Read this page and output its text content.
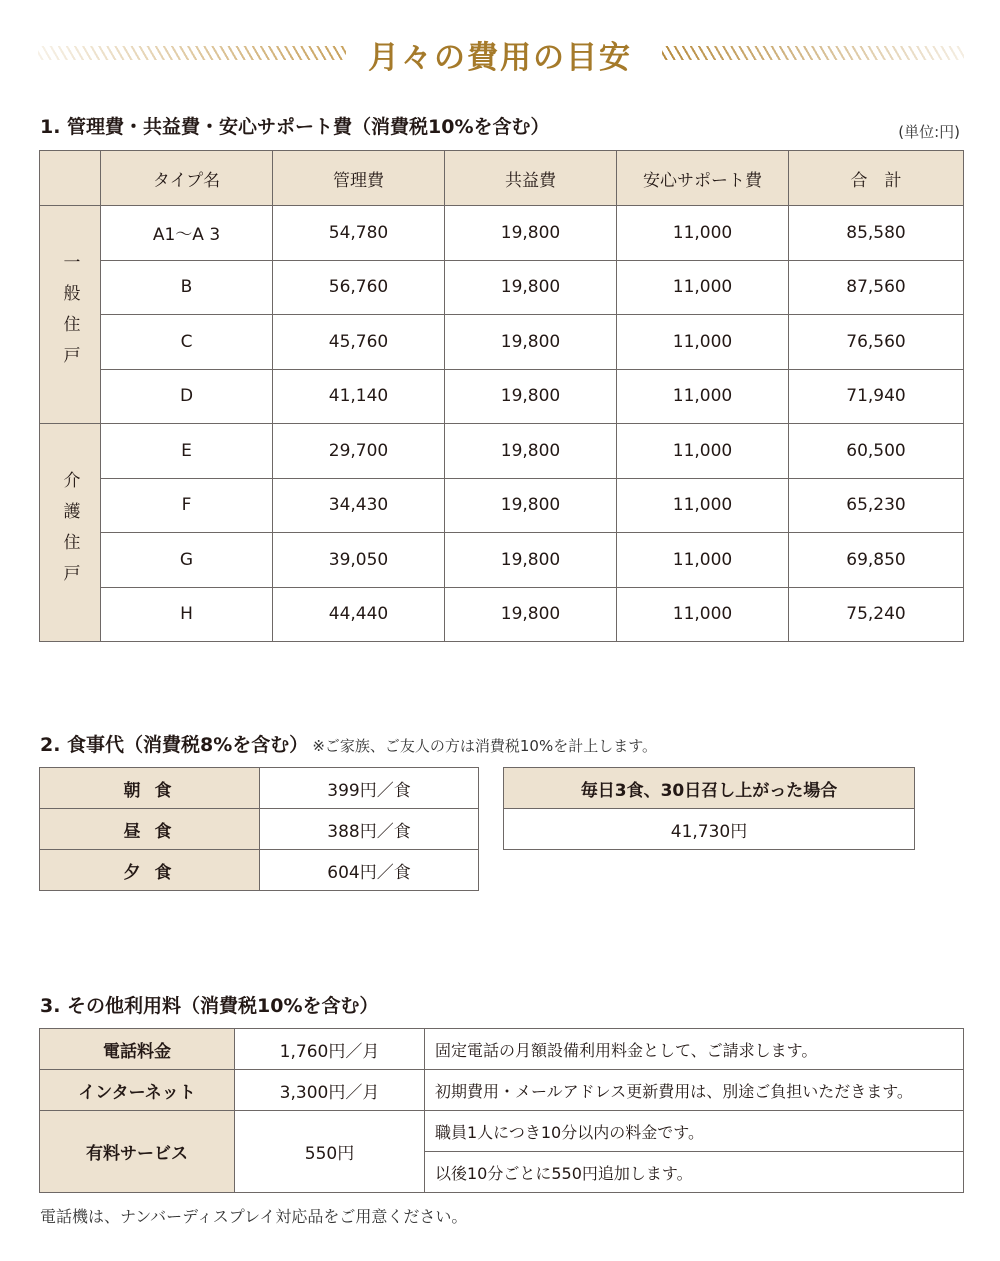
月々の費用の目安
1. 管理費・共益費・安心サポート費（消費税10%を含む）	(単位:円)
	タイプ名	管理費	共益費	安心サポート費	合　計
一般住戸	A1〜A 3	54,780	19,800	11,000	85,580
	B	56,760	19,800	11,000	87,560
	C	45,760	19,800	11,000	76,560
	D	41,140	19,800	11,000	71,940
介護住戸	E	29,700	19,800	11,000	60,500
	F	34,430	19,800	11,000	65,230
	G	39,050	19,800	11,000	69,850
	H	44,440	19,800	11,000	75,240
2. 食事代（消費税8%を含む） ※ご家族、ご友人の方は消費税10%を計上します。
朝 食	399円／食
昼 食	388円／食
夕 食	604円／食
毎日3食、30日召し上がった場合
41,730円
3. その他利用料（消費税10%を含む）
電話料金	1,760円／月	固定電話の月額設備利用料金として、ご請求します。
インターネット	3,300円／月	初期費用・メールアドレス更新費用は、別途ご負担いただきます。
有料サービス	550円	職員1人につき10分以内の料金です。
		以後10分ごとに550円追加します。
電話機は、ナンバーディスプレイ対応品をご用意ください。
